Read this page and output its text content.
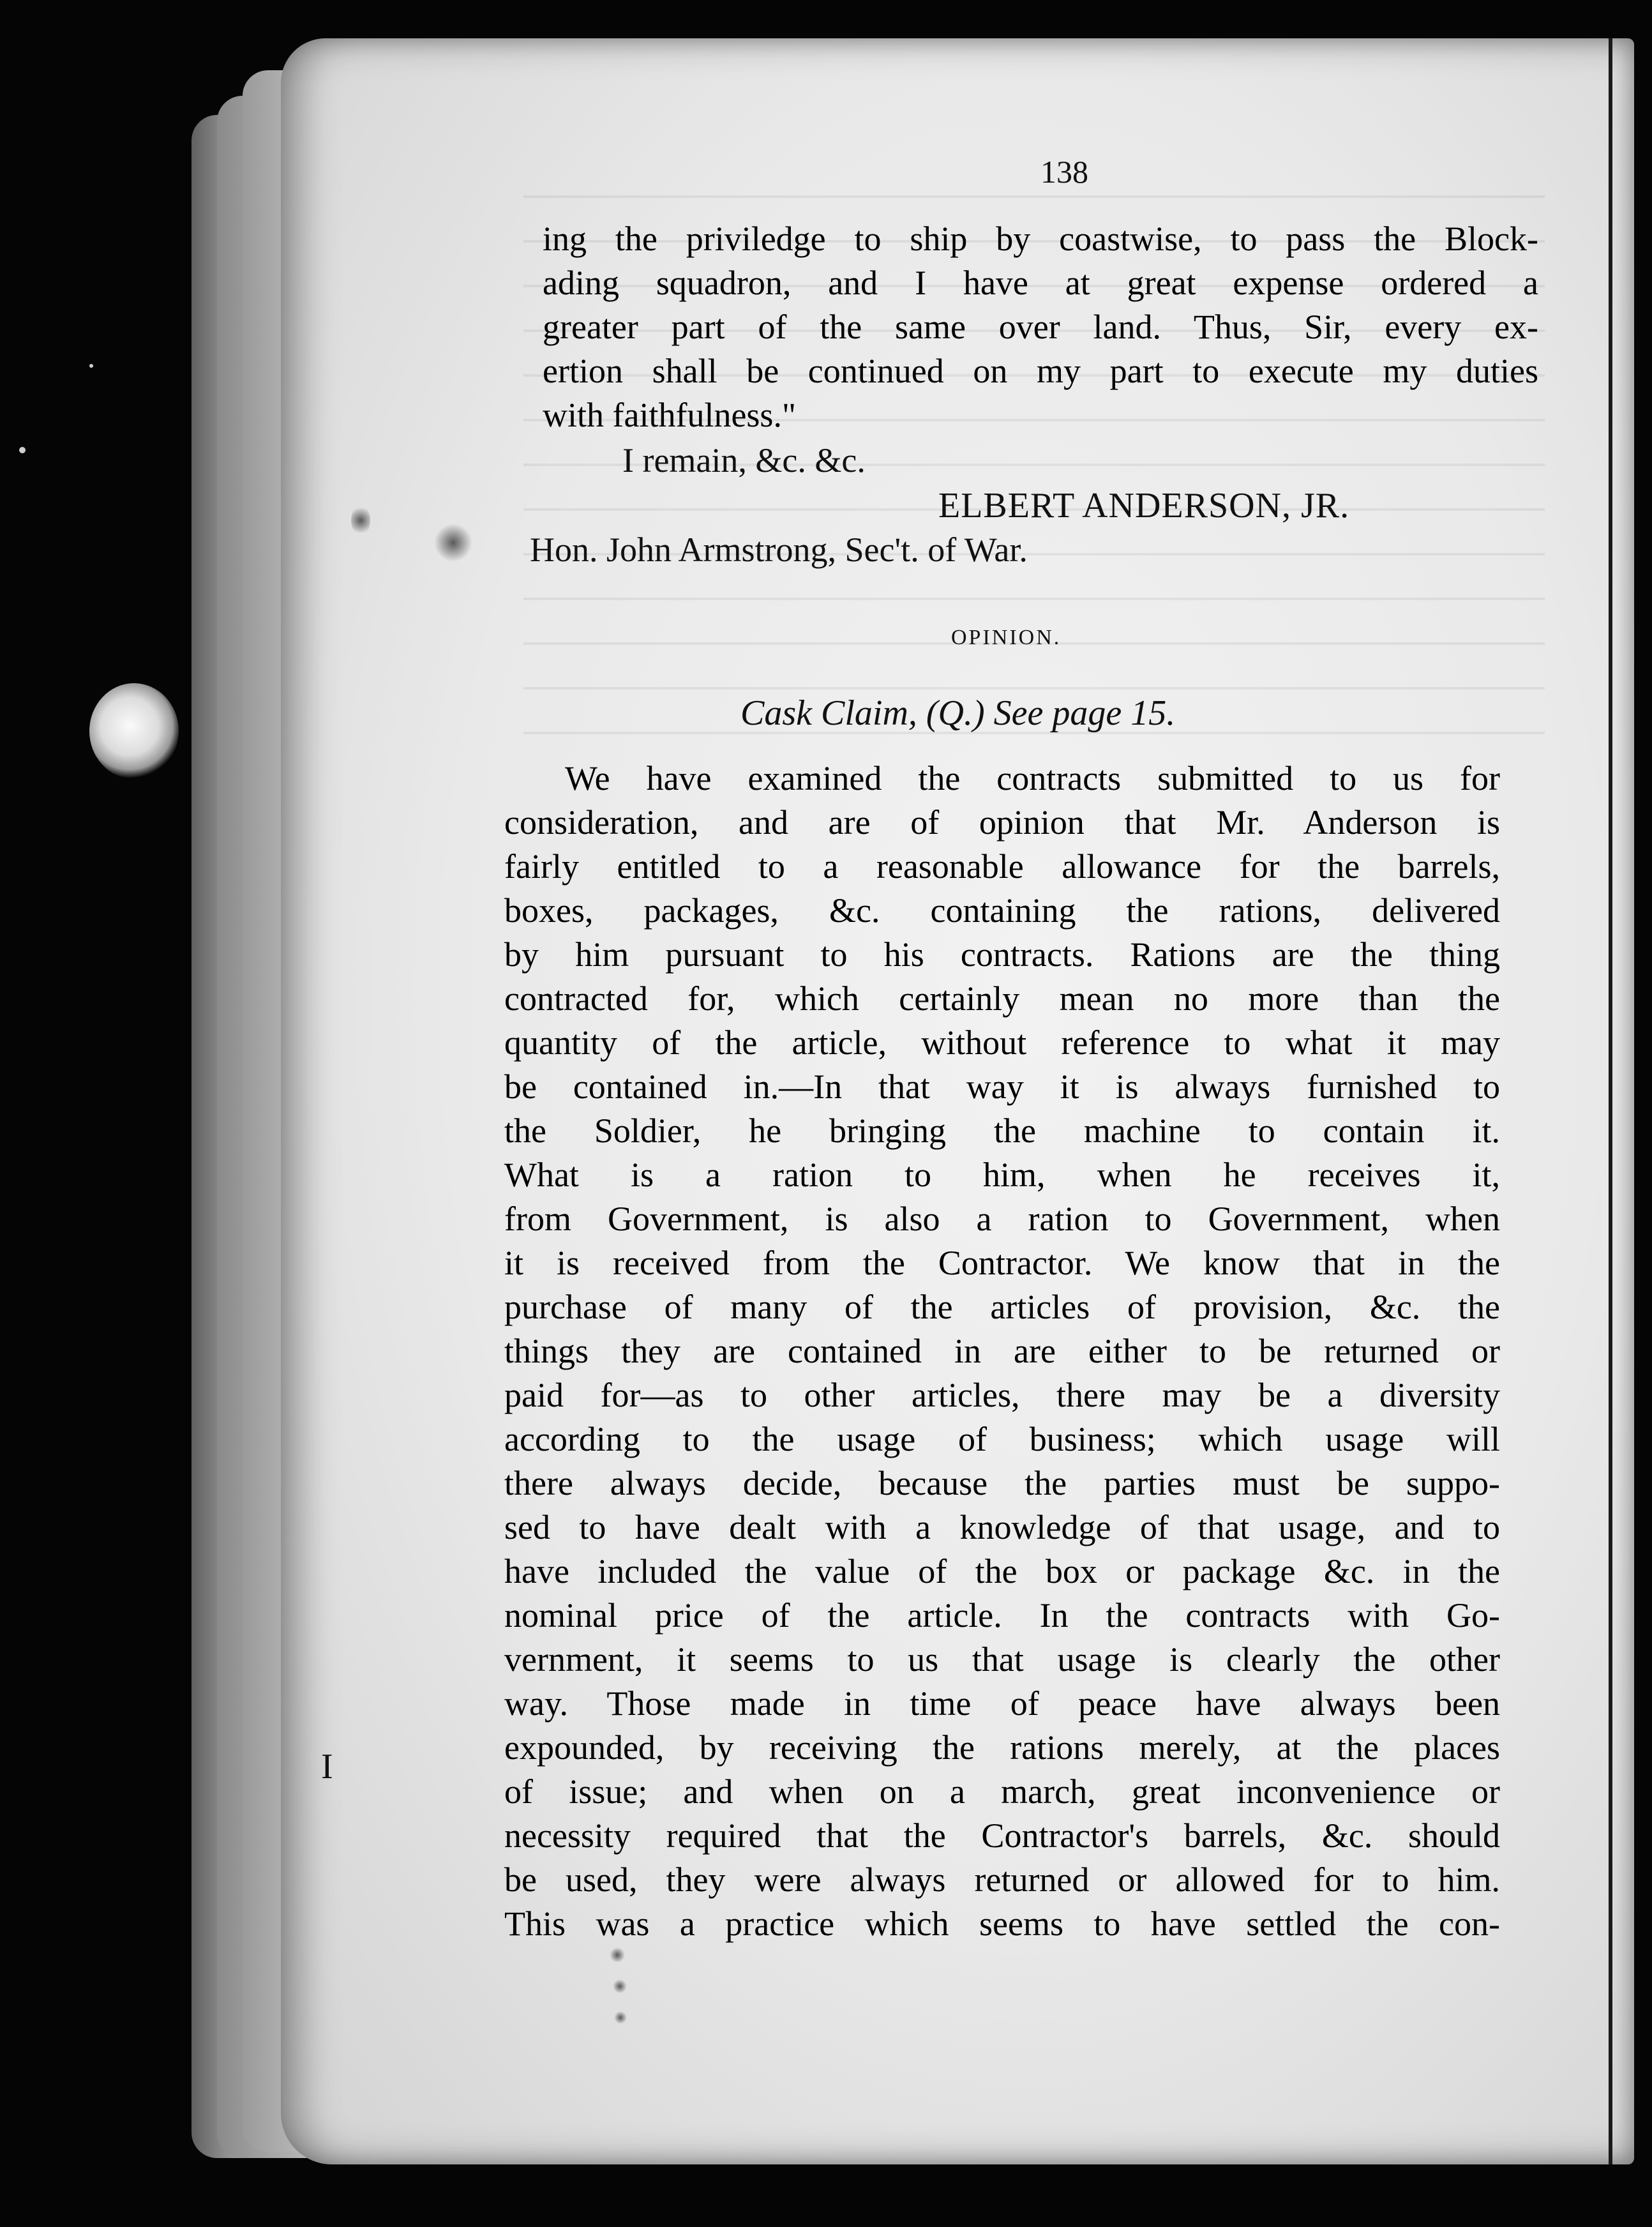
138

ing the priviledge to ship by coastwise, to pass the Block-
ading squadron, and I have at great expense ordered a
greater part of the same over land. Thus, Sir, every ex-
ertion shall be continued on my part to execute my duties
with faithfulness."

I remain, &c. &c.
ELBERT ANDERSON, JR.
Hon. John Armstrong, Sec't. of War.
OPINION.
Cask Claim, (Q.) See page 15.

We have examined the contracts submitted to us for
consideration, and are of opinion that Mr. Anderson is
fairly entitled to a reasonable allowance for the barrels,
boxes, packages, &c. containing the rations, delivered
by him pursuant to his contracts. Rations are the thing
contracted for, which certainly mean no more than the
quantity of the article, without reference to what it may
be contained in.—In that way it is always furnished to
the Soldier, he bringing the machine to contain it.
What is a ration to him, when he receives it,
from Government, is also a ration to Government, when
it is received from the Contractor. We know that in the
purchase of many of the articles of provision, &c. the
things they are contained in are either to be returned or
paid for—as to other articles, there may be a diversity
according to the usage of business; which usage will
there always decide, because the parties must be suppo-
sed to have dealt with a knowledge of that usage, and to
have included the value of the box or package &c. in the
nominal price of the article. In the contracts with Go-
vernment, it seems to us that usage is clearly the other
way. Those made in time of peace have always been
expounded, by receiving the rations merely, at the places
of issue; and when on a march, great inconvenience or
necessity required that the Contractor's barrels, &c. should
be used, they were always returned or allowed for to him.
This was a practice which seems to have settled the con-

I
